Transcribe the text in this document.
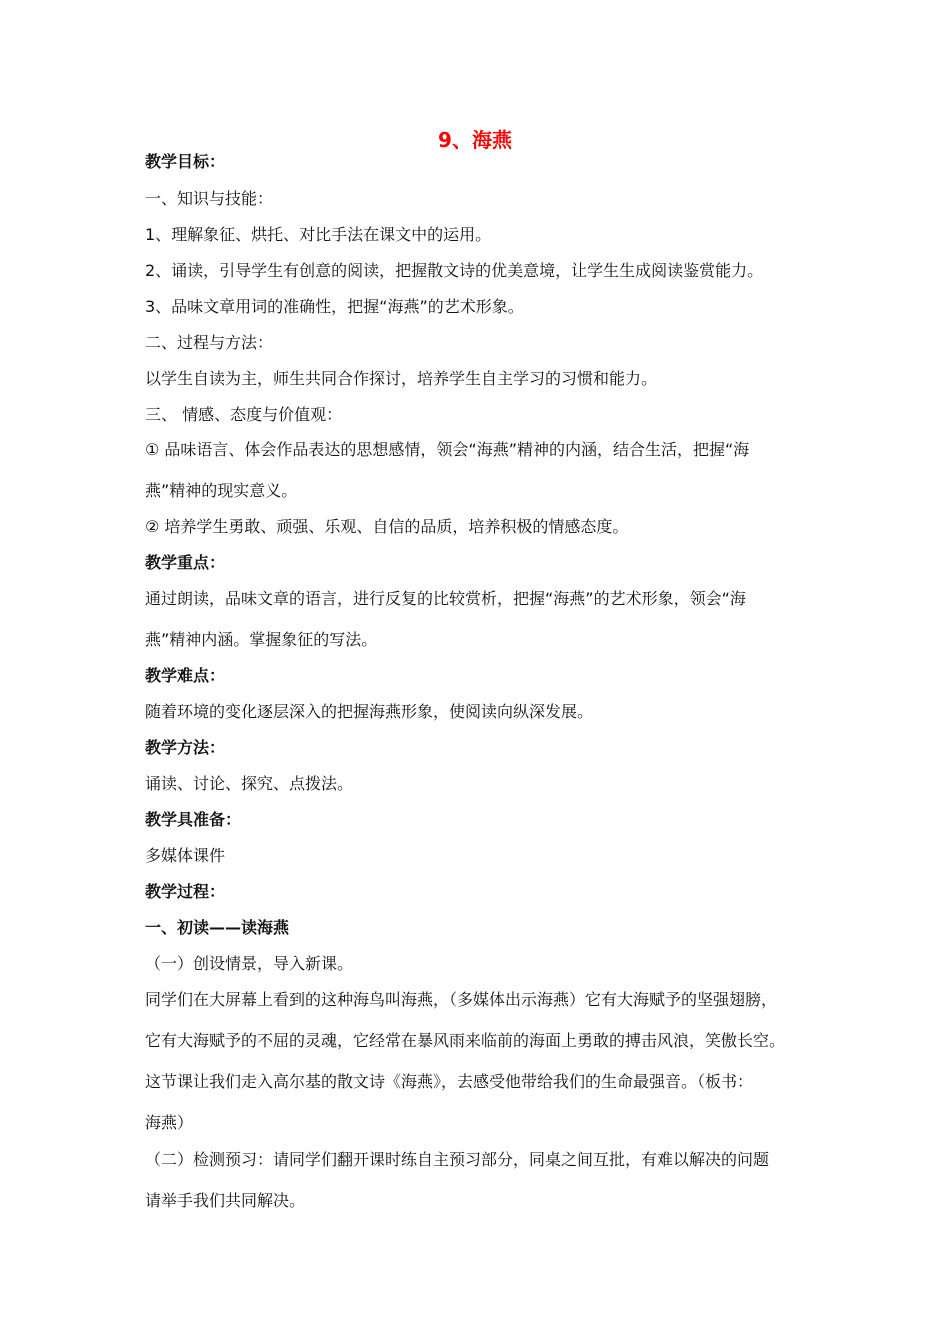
9、海燕
教学目标：
一、知识与技能：
1、理解象征、烘托、对比手法在课文中的运用。
2、诵读，引导学生有创意的阅读，把握散文诗的优美意境，让学生生成阅读鉴赏能力。
3、品味文章用词的准确性，把握“海燕”的艺术形象。
二、过程与方法：
以学生自读为主，师生共同合作探讨，培养学生自主学习的习惯和能力。
三、 情感、态度与价值观：
① 品味语言、体会作品表达的思想感情，领会“海燕”精神的内涵，结合生活，把握“海
燕”精神的现实意义。
② 培养学生勇敢、顽强、乐观、自信的品质，培养积极的情感态度。
教学重点：
通过朗读，品味文章的语言，进行反复的比较赏析，把握“海燕”的艺术形象，领会“海
燕”精神内涵。掌握象征的写法。
教学难点：
随着环境的变化逐层深入的把握海燕形象，使阅读向纵深发展。
教学方法：
诵读、讨论、探究、点拨法。
教学具准备：
多媒体课件
教学过程：
一、初读——读海燕
（一）创设情景，导入新课。
同学们在大屏幕上看到的这种海鸟叫海燕，（多媒体出示海燕）它有大海赋予的坚强翅膀，
它有大海赋予的不屈的灵魂，它经常在暴风雨来临前的海面上勇敢的搏击风浪，笑傲长空。
这节课让我们走入高尔基的散文诗《海燕》，去感受他带给我们的生命最强音。（板书：
海燕）
（二）检测预习：请同学们翻开课时练自主预习部分，同桌之间互批，有难以解决的问题
请举手我们共同解决。
